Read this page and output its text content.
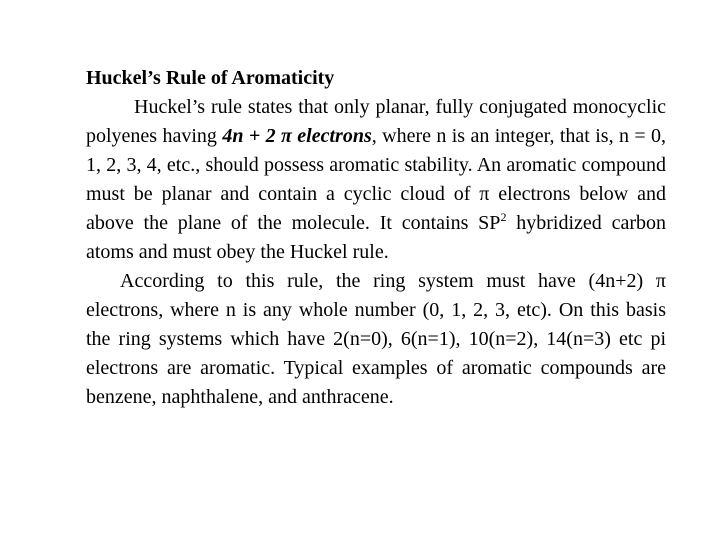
Huckel’s Rule of Aromaticity

Huckel’s rule states that only planar, fully conjugated monocyclic polyenes having 4n + 2 π electrons, where n is an integer, that is, n = 0, 1, 2, 3, 4, etc., should possess aromatic stability. An aromatic compound must be planar and contain a cyclic cloud of π electrons below and above the plane of the molecule. It contains $SP^2$ hybridized carbon atoms and must obey the Huckel rule.

According to this rule, the ring system must have (4n+2) π electrons, where n is any whole number (0, 1, 2, 3, etc). On this basis the ring systems which have 2(n=0), 6(n=1), 10(n=2), 14(n=3) etc pi electrons are aromatic. Typical examples of aromatic compounds are benzene, naphthalene, and anthracene.
